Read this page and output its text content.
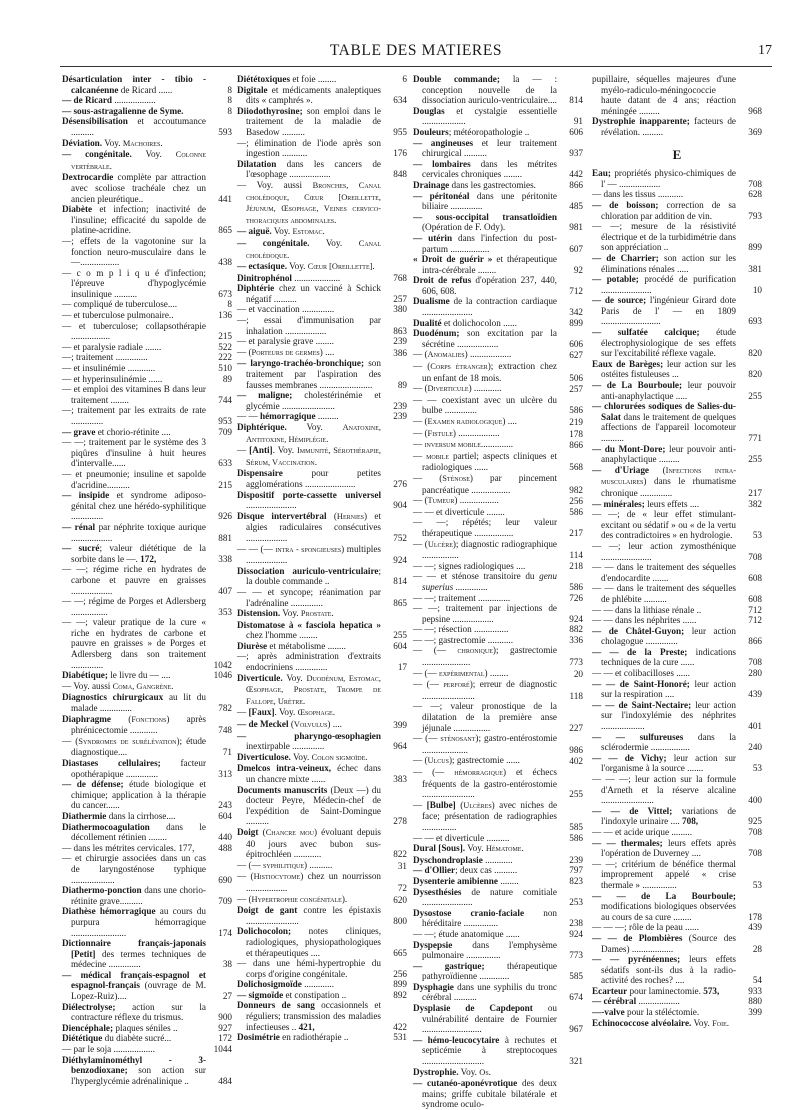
TABLE DES MATIERES	17
Désarticulation inter - tibio - calcanéenne de Ricard ......	8
— de Ricard ..................	8
— sous-astragalienne de Syme.	8
Désensibilisation et accoutumance ..........	593
Déviation. Voy. Machoires.
— congénitale. Voy. Colonne vertébrale.
Dextrocardie complète par attraction avec scoliose trachéale chez un ancien pleurétique..	441
Diabète et infection; inactivité de l'insuline; efficacité du sapolde de platine-acridine.	865
—; effets de la vagotonine sur la fonction neuro-musculaire dans le —.................	438
— c o m p l i q u é d'infection; l'épreuve d'hypoglycémie insulinique ..........	673
— compliqué de tuberculose....	8
— et tuberculose pulmonaire..	136
— et tuberculose; collapsothérapie .................	215
— et paralysie radiale .......	522
—; traitement ..............	222
— et insulinémie ............	510
— et hyperinsulinémie ......	89
— et emploi des vitamines B dans leur traitement ........	744
—; traitement par les extraits de rate ..............	953
— grave et chorio-rétinite ....	709
— —; traitement par le système des 3 piqûres d'insuline à huit heures d'intervalle......	633
— et pneumonie; insuline et sapolde d'acridine..........	215
— insipide et syndrome adiposo-génital chez une hérédo-syphilitique ..............	926
— rénal par néphrite toxique aurique ..................	881
— sucré; valeur diététique de la sorbite dans le —. 172,	338
— —; régime riche en hydrates de carbone et pauvre en graisses ..................	407
— —; régime de Porges et Adlersberg ................	353
— —; valeur pratique de la cure « riche en hydrates de carbone et pauvre en graisses » de Porges et Adlersberg dans son traitement ..............	1042
Diabétique; le livre du — ....	1046
— Voy. aussi Coma, Gangrène.
Diagnostics chirurgicaux au lit du malade ..............	782
Diaphragme (Fonctions) après phrénicectomie ............	748
— (Syndromes de surélévation); étude diagnostique....	71
Diastases cellulaires; facteur opothérapique ..............	313
— de défense; étude biologique et chimique; application à la thérapie du cancer......	243
Diathermie dans la cirrhose....	604
Diathermocoagulation dans le décollement rétinien ........	440
— dans les métrites cervicales. 177,	488
— et chirurgie associées dans un cas de laryngosténose typhique ...................	690
Diathermo-ponction dans une chorio-rétinite grave..........	709
Diathèse hémorragique au cours du purpura hémorragique ........................	174
Dictionnaire français-japonais [Petit] des termes techniques de médecine ..............	38
— médical français-espagnol et espagnol-français (ouvrage de M. Lopez-Ruiz)....	27
Diélectrolyse; action sur la contracture réflexe du trismus.	900
Diencéphale; plaques séniles ..	927
Diététique du diabète sucré...	172
— par le soja ..................	1044
Diéthylaminométhyl - 3-benzodioxane; son action sur l'hyperglycémie adrénalinique ..	484
Diététoxiques et foie ........	6
Digitale et médicaments analeptiques dits « camphrés ».	634
Diiodothyrosine; son emploi dans le traitement de la maladie de Basedow ..........	955
—; élimination de l'iode après son ingestion ...........	176
Dilatation dans les cancers de l'œsophage ..................	848
— Voy. aussi Bronches, Canal cholédoque, Cœur [Oreillette, Jéjunum, Œsophage, Veines cervico-thoraciques abdominales.
— aiguë. Voy. Estomac.
— congénitale. Voy. Canal cholédoque.
— ectasique. Voy. Cœur [Oreillette].
Dinitrophénol ....................	768
Diphtérie chez un vacciné à Schick négatif ..........	257
— et vaccination ..............	380
—; essai d'immunisation par inhalation ..................	863
— et paralysie grave ........	239
— (Porteurs de germes) ....	386
— laryngo-trachéo-bronchique; son traitement par l'aspiration des fausses membranes .......................	89
— maligne; cholestérinémie et glycémie .......................	239
— — hémorragique .........	239
Diphtérique. Voy. Anatoxine, Antitoxine, Hémiplégie.
— [Anti]. Voy. Immunité, Sérothérapie, Sérum, Vaccination.
Dispensaire pour petites agglomérations ......................	276
Dispositif porte-cassette universel ......................	904
Disque intervertébral (Hernies) et algies radiculaires consécutives ..................	752
— — (— intra - spongieuses) multiples ..................	924
Dissociation auriculo-ventriculaire; la double commande ..	814
— — et syncope; réanimation par l'adrénaline ..............	865
Distension. Voy. Prostate.
Distomatose à « fasciola hepatica » chez l'homme ........	255
Diurèse et métabolisme ........	604
—; après administration d'extraits endocriniens ..............	17
Diverticule. Voy. Duodénum, Estomac, Œsophage, Prostate, Trompe de Fallope, Urètre.
— [Faux]. Voy. Œsophage.
— de Meckel (Volvulus) ....	399
— pharyngo-œsophagien inextirpable ..............	964
Diverticulose. Voy. Colon sigmoïde.
Dmelcos intra-veineux, échec dans un chancre mixte ......	383
Documents manuscrits (Deux —) du docteur Peyre, Médecin-chef de l'expédition de Saint-Domingue ..........	278
Doigt (Chancre mou) évoluant depuis 40 jours avec bubon sus-épitrochléen ............	822
— (— syphilitique) ..........	31
— (Histiocytome) chez un nourrisson ..................	72
— (Hypertrophie congénitale).	620
Doigt de gant contre les épistaxis .......................	800
Dolichocolon; notes cliniques, radiologiques, physiopathologiques et thérapeutiques ....	665
— dans une hémi-hypertrophie du corps d'origine congénitale.	256
Dolichosigmoïde .............	899
— sigmoïde et constipation ..	892
Donneurs de sang occasionnels et réguliers; transmission des maladies infectieuses .. 421,	422
Dosimétrie en radiothérapie ..	531
Double commande; la — : conception nouvelle de la dissociation auriculo-ventriculaire.... 814
Douglas et cystalgie essentielle ...................	91
Douleurs; météoropathologie ..	606
— angineuses et leur traitement chirurgical ..........	937
— lombaires dans les métrites cervicales chroniques ........	442
Drainage dans les gastrectomies.	866
— péritonéal dans une péritonite biliaire ..............	485
— sous-occipital transatloïdien (Opération de F. Ody).	981
— utérin dans l'infection du post-partum .................	607
« Droit de guérir » et thérapeutique intra-cérébrale ........	92
Droit de refus d'opération 237, 440, 606, 608.	712
Dualisme de la contraction cardiaque ......................	342
Dualité et dolichocolon ......	899
Duodénum; son excitation par la sécrétine ..................	606
— (Anomalies) ..................	627
— (Corps étranger); extraction chez un enfant de 18 mois.	506
— (Diverticule) ............	257
— — coexistant avec un ulcère du bulbe ..............	586
— (Examen radiologique) ....	219
— (Fistule) ..................	178
— inversum mobile..............	866
— mobile partiel; aspects cliniques et radiologiques ......	568
— (Sténose) par pincement pancréatique .................	982
— (Tumeur) .................	256
— — et diverticule ........	586
— —; répétés; leur valeur thérapeutique .................	217
— (Ulcère); diagnostic radiographique ................	114
— —; signes radiologiques ....	218
— — et sténose transitoire du genu superius ..............	586
— —; traitement ..............	726
— —; traitement par injections de pepsine ..................	924
— —; résection ...............	882
— —; gastrectomie ...........	336
— (— chronique); gastrectomie .....................	773
— (— expérimental) ........	20
— (— perforé); erreur de diagnostic .......................	118
— —; valeur pronostique de la dilatation de la première anse jéjunale ................	227
— (— sténosant); gastro-entérostomie ....................	986
— (Ulcus); gastrectomie ......	402
— (— hémorragique) et échecs fréquents de la gastro-entérostomie .......................	255
— [Bulbe] (Ulcères) avec niches de face; présentation de radiographies ...............	585
— — et diverticule ..........	586
Dural [Sous]. Voy. Hématome.
Dyschondroplasie ............	239
— d'Ollier; deux cas ..........	797
Dysenterie amibienne ........	823
Dysesthésies de nature comitiale ......................	253
Dysostose cranio-faciale non héréditaire ...............	238
— —; étude anatomique ......	924
Dyspepsie dans l'emphysème pulmonaire ...............	773
— gastrique; thérapeutique pathyroïdienne .............	585
Dysphagie dans une syphilis du tronc cérébral ..........	674
Dysplasie de Capdepont ou vulnérabilité dentaire de Fournier ..........................	967
— hémo-leucocytaire à rechutes et septicémie à streptocoques ...........................	321
Dystrophie. Voy. Os.
— cutanéo-aponévrotique des deux mains; griffe cubitale bilatérale et syndrome oculo-
pupillaire, séquelles majeures d'une myélo-radiculo-méningococcie haute datant de 4 ans; réaction méningée .........	968
Dystrophie inapparente; facteurs de révélation. .........	369
E
Eau; propriétés physico-chimiques de l' — ..................	708
— dans les tissus ...........	628
— de boisson; correction de sa chloration par addition de vin.	793
— —; mesure de la résistivité électrique et de la turbidimétrie dans son appréciation ..	899
— de Charrier; son action sur les éliminations rénales .....	381
— potable; procédé de purification ......................	10
— de source; l'ingénieur Girard dote Paris de l' — en 1809 ..........................	693
— sulfatée calcique; étude électrophysiologique de ses effets sur l'excitabilité réflexe vagale.	820
Eaux de Barèges; leur action sur les ostéites fistuleuses ...	820
— de La Bourboule; leur pouvoir anti-anaphylactique .....	255
— chlorurées sodiques de Salies-du-Salat dans le traitement de quelques affections de l'appareil locomoteur ..........	771
— du Mont-Dore; leur pouvoir anti-anaphylactique .........	255
— d'Uriage (Infections intra-musculaires) dans le rhumatisme chronique ..............	217
— minérales; leurs effets ....	382
— —; de « leur effet stimulant-excitant ou sédatif » ou « de la vertu des contradictoires » en hydrologie. 53
— —; leur action zymosthénique ......................	708
— — dans le traitement des séquelles d'endocardite .......	608
— — dans le traitement des séquelles de phlébite ..........	608
— — dans la lithiase rénale ..	712
— — dans les néphrites ......	712
— de Châtel-Guyon; leur action cholagogue ..............	866
— — de la Preste; indications techniques de la cure ......	708
— — et colibacilloses ......	280
— — de Saint-Honoré; leur action sur la respiration ....	439
— — de Saint-Nectaire; leur action sur l'indoxylémie des néphrites ...................	401
— — sulfureuses dans la sclérodermie .................	240
— — de Vichy; leur action sur l'organisme à la source .......	53
— — —; leur action sur la formule d'Arneth et la réserve alcaline .......................	400
— — de Vittel; variations de l'indoxyle urinaire .... 708,	925
— — et acide urique .........	708
— — thermales; leurs effets après l'opération de Duverney ....	708
— —; critérium de bénéfice thermal improprement appelé « crise thermale » ...............	53
— — de La Bourboule; modifications biologiques observées au cours de sa cure ........	178
— — —; rôle de la peau ......	439
— — de Plombières (Source des Dames) ..................	28
— — pyrénéennes; leurs effets sédatifs sont-ils dus à la radio-activité des roches? ....	54
Ecarteur pour laminectomie. 573,	933
— cérébral ..................	880
—-valve pour la stéléctomie.	399
Echinococcose alvéolaire. Voy. Foie.
